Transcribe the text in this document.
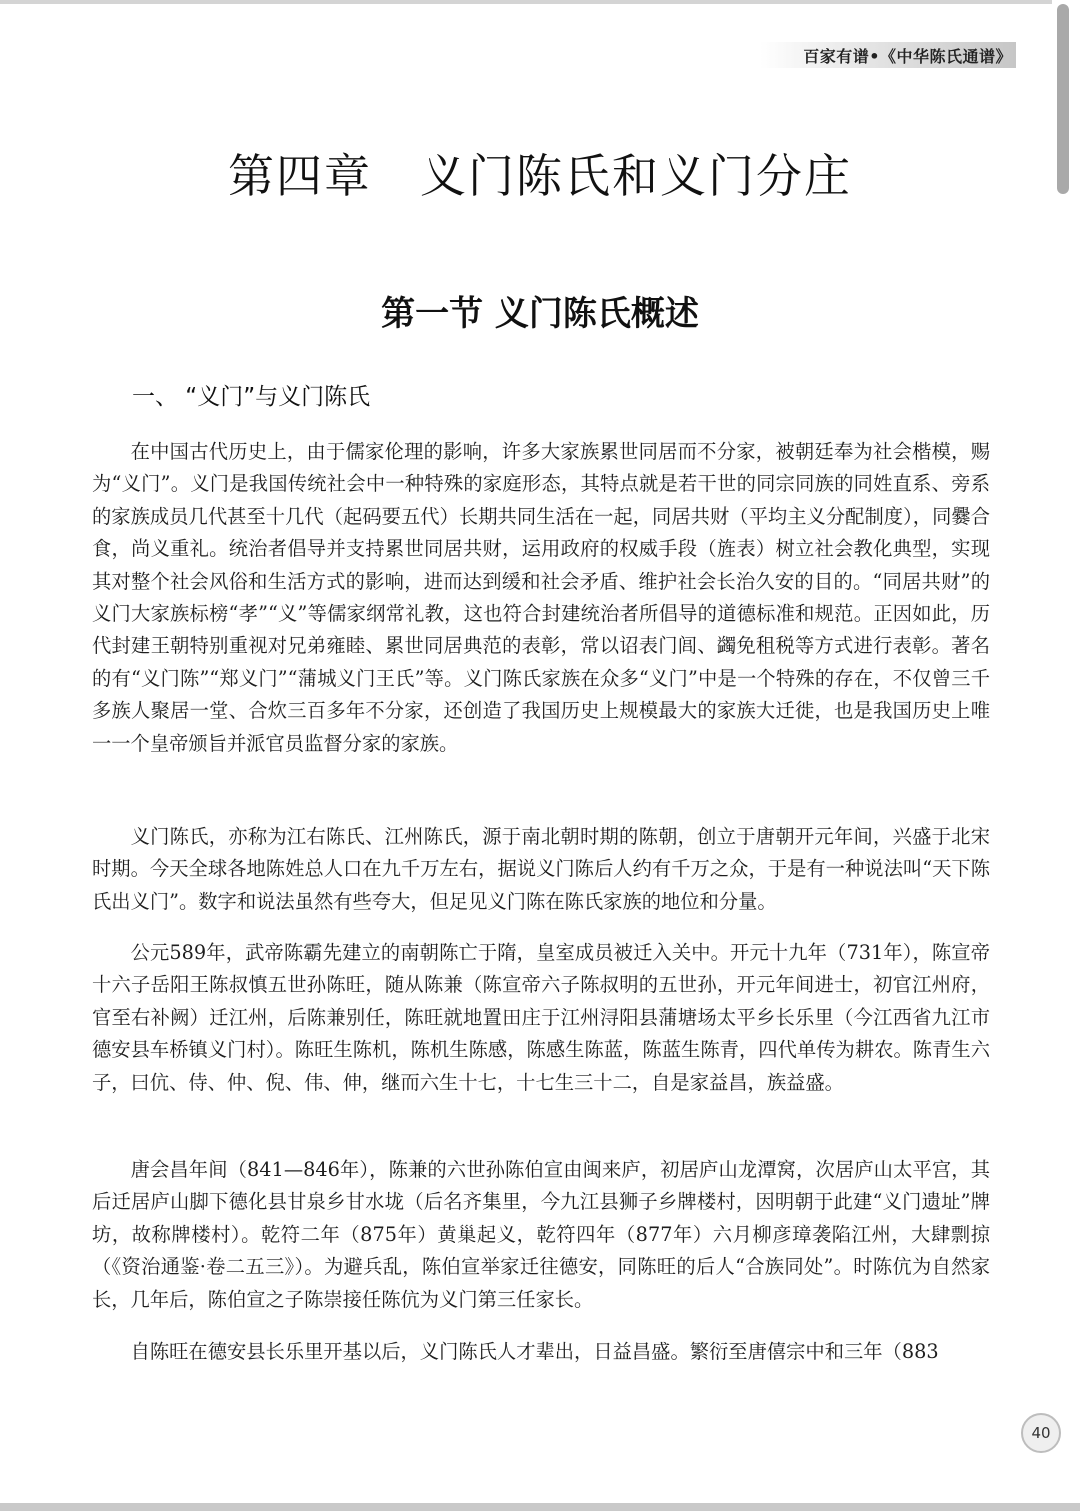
百家有谱•《中华陈氏通谱》
第四章　义门陈氏和义门分庄
第一节 义门陈氏概述
一、 “义门”与义门陈氏

在中国古代历史上，由于儒家伦理的影响，许多大家族累世同居而不分家，被朝廷奉为社会楷模，赐为“义门”。义门是我国传统社会中一种特殊的家庭形态，其特点就是若干世的同宗同族的同姓直系、旁系的家族成员几代甚至十几代（起码要五代）长期共同生活在一起，同居共财（平均主义分配制度），同爨合食，尚义重礼。统治者倡导并支持累世同居共财，运用政府的权威手段（旌表）树立社会教化典型，实现其对整个社会风俗和生活方式的影响，进而达到缓和社会矛盾、维护社会长治久安的目的。“同居共财”的义门大家族标榜“孝”“义”等儒家纲常礼教，这也符合封建统治者所倡导的道德标准和规范。正因如此，历代封建王朝特别重视对兄弟雍睦、累世同居典范的表彰，常以诏表门闾、蠲免租税等方式进行表彰。著名的有“义门陈”“郑义门”“蒲城义门王氏”等。义门陈氏家族在众多“义门”中是一个特殊的存在，不仅曾三千多族人聚居一堂、合炊三百多年不分家，还创造了我国历史上规模最大的家族大迁徙，也是我国历史上唯一一个皇帝颁旨并派官员监督分家的家族。

义门陈氏，亦称为江右陈氏、江州陈氏，源于南北朝时期的陈朝，创立于唐朝开元年间，兴盛于北宋时期。今天全球各地陈姓总人口在九千万左右，据说义门陈后人约有千万之众，于是有一种说法叫“天下陈氏出义门”。数字和说法虽然有些夸大，但足见义门陈在陈氏家族的地位和分量。

公元589年，武帝陈霸先建立的南朝陈亡于隋，皇室成员被迁入关中。开元十九年（731年），陈宣帝十六子岳阳王陈叔慎五世孙陈旺，随从陈兼（陈宣帝六子陈叔明的五世孙，开元年间进士，初官江州府，官至右补阙）迁江州，后陈兼别任，陈旺就地置田庄于江州浔阳县蒲塘场太平乡长乐里（今江西省九江市德安县车桥镇义门村）。陈旺生陈机，陈机生陈感，陈感生陈蓝，陈蓝生陈青，四代单传为耕农。陈青生六子，曰伉、侍、仲、倪、伟、伸，继而六生十七，十七生三十二，自是家益昌，族益盛。

唐会昌年间（841—846年），陈兼的六世孙陈伯宣由闽来庐，初居庐山龙潭窝，次居庐山太平宫，其后迁居庐山脚下德化县甘泉乡甘水垅（后名齐集里，今九江县狮子乡牌楼村，因明朝于此建“义门遗址”牌坊，故称牌楼村）。乾符二年（875年）黄巢起义，乾符四年（877年）六月柳彦璋袭陷江州，大肆剽掠（《资治通鉴·卷二五三》）。为避兵乱，陈伯宣举家迁往德安，同陈旺的后人“合族同处”。时陈伉为自然家长，几年后，陈伯宣之子陈崇接任陈伉为义门第三任家长。

自陈旺在德安县长乐里开基以后，义门陈氏人才辈出，日益昌盛。繁衍至唐僖宗中和三年（883

40
